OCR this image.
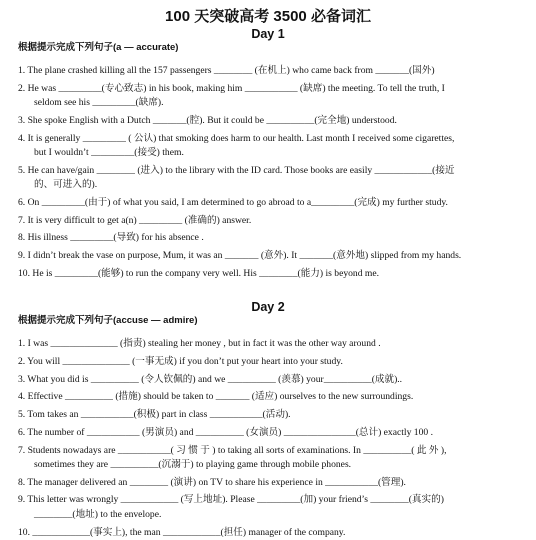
100 天突破高考 3500 必备词汇
Day 1
根据提示完成下列句子(a — accurate)
1. The plane crashed killing all the 157 passengers ________ (在机上) who came back from _______(国外)
2. He was _________(专心致志) in his book, making him ___________ (缺席) the meeting. To tell the truth, I
seldom see his _________(缺席).
3. She spoke English with a Dutch _______(腔). But it could be __________(完全地) understood.
4. It is generally _________ ( 公认) that smoking does harm to our health. Last month I received some cigarettes,
but I wouldn’t _________(接受) them.
5. He can have/gain ________ (进入) to the library with the ID card. Those books are easily ____________(接近
的、可进入的).
6. On _________(由于) of what you said, I am determined to go abroad to a_________(完成) my further study.
7. It is very difficult to get a(n) _________ (准确的) answer.
8. His illness _________(导致) for his absence .
9. I didn’t break the vase on purpose, Mum, it was an _______ (意外). It _______(意外地) slipped from my hands.
10. He is _________(能够) to run the company very well. His ________(能力) is beyond me.
Day 2
根据提示完成下列句子(accuse — admire)
1. I was ______________ (指责) stealing her money , but in fact it was the other way around .
2. You will ______________ (一事无成) if you don’t put your heart into your study.
3. What you did is __________ (令人钦佩的) and we __________ (羡慕) your__________(成就)..
4. Effective __________ (措施) should be taken to _______ (适应) ourselves to the new surroundings.
5. Tom takes an ___________(积极) part in class ___________(活动).
6. The number of ___________ (男演员) and __________ (女演员) _______________(总计) exactly 100 .
7. Students nowadays are ___________( 习 惯 于 ) to taking all sorts of examinations. In __________( 此 外 ),
sometimes they are __________(沉溺于) to playing game through mobile phones.
8. The manager delivered an ________ (演讲) on TV to share his experience in ___________(管理).
9. This letter was wrongly ____________ (写上地址). Please _________(加) your friend’s ________(真实的)
________(地址) to the envelope.
10. ____________(事实上), the man ____________(担任) manager of the company.
